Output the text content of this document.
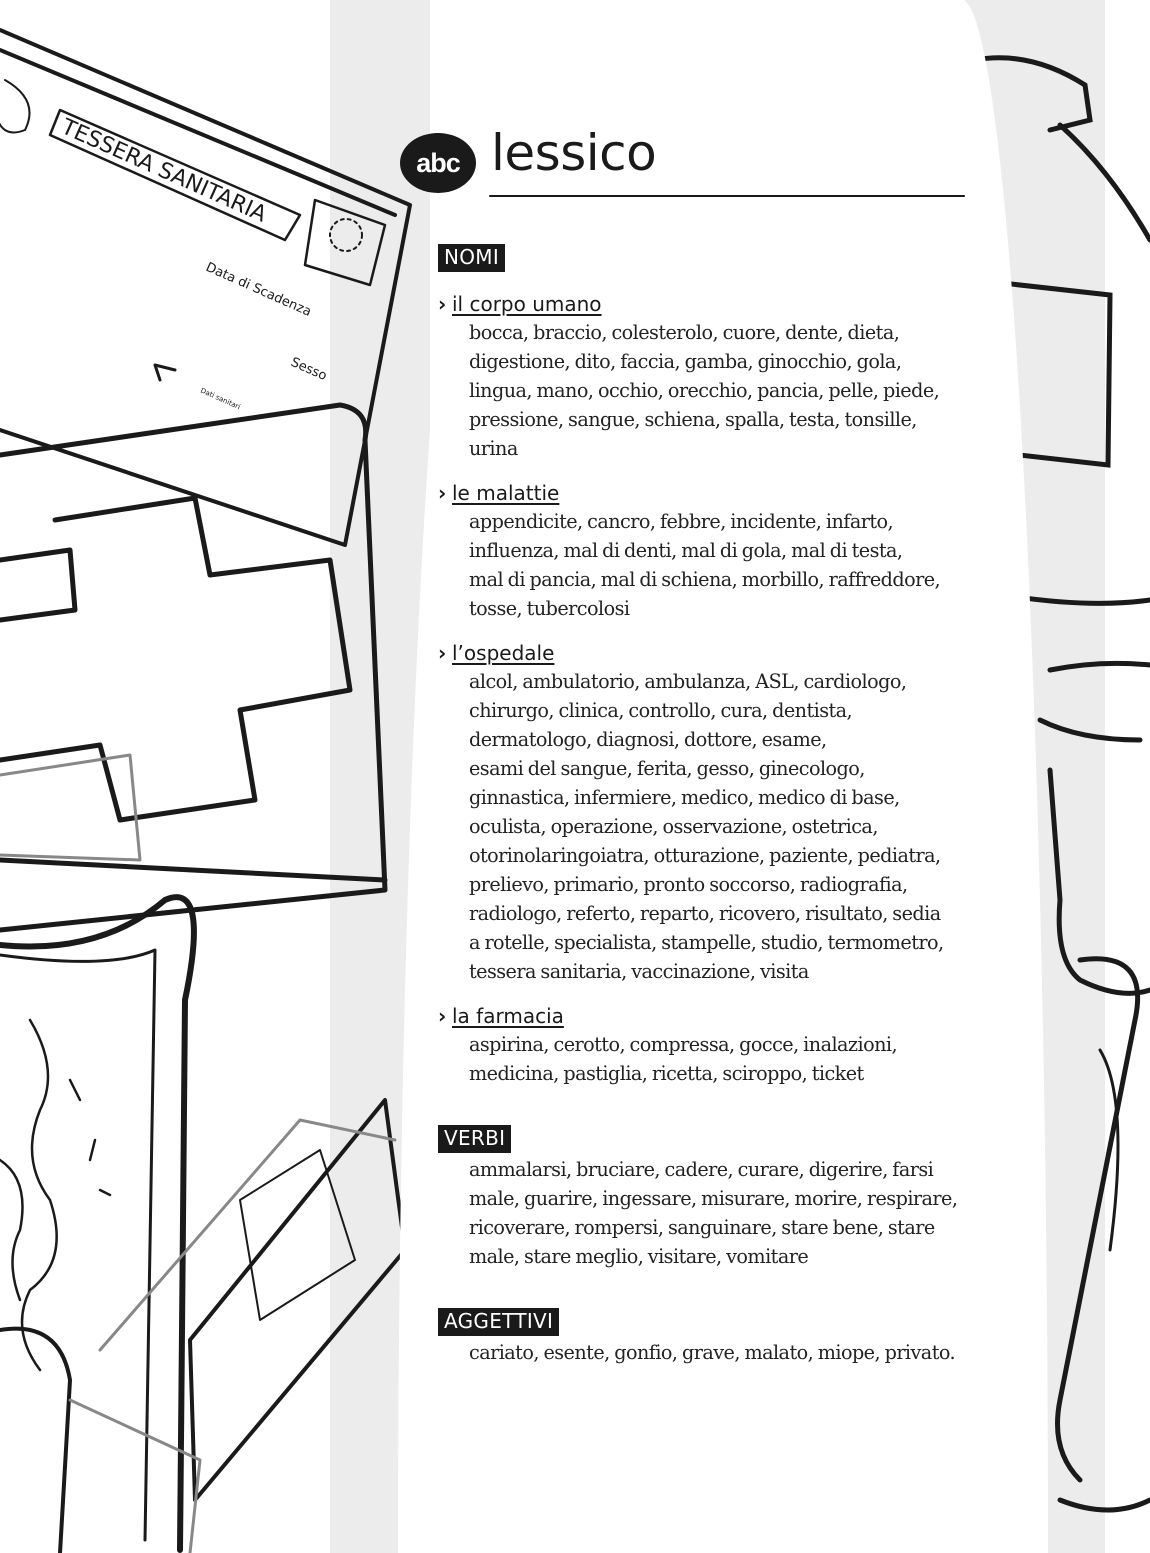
TESSERA SANITARIA
Data di Scadenza
Sesso
Dati sanitari
abc lessico
NOMI
› il corpo umano
bocca, braccio, colesterolo, cuore, dente, dieta,
digestione, dito, faccia, gamba, ginocchio, gola,
lingua, mano, occhio, orecchio, pancia, pelle, piede,
pressione, sangue, schiena, spalla, testa, tonsille,
urina
› le malattie
appendicite, cancro, febbre, incidente, infarto,
influenza, mal di denti, mal di gola, mal di testa,
mal di pancia, mal di schiena, morbillo, raffreddore,
tosse, tubercolosi
› l’ospedale
alcol, ambulatorio, ambulanza, ASL, cardiologo,
chirurgo, clinica, controllo, cura, dentista,
dermatologo, diagnosi, dottore, esame,
esami del sangue, ferita, gesso, ginecologo,
ginnastica, infermiere, medico, medico di base,
oculista, operazione, osservazione, ostetrica,
otorinolaringoiatra, otturazione, paziente, pediatra,
prelievo, primario, pronto soccorso, radiografia,
radiologo, referto, reparto, ricovero, risultato, sedia
a rotelle, specialista, stampelle, studio, termometro,
tessera sanitaria, vaccinazione, visita
› la farmacia
aspirina, cerotto, compressa, gocce, inalazioni,
medicina, pastiglia, ricetta, sciroppo, ticket
VERBI
ammalarsi, bruciare, cadere, curare, digerire, farsi
male, guarire, ingessare, misurare, morire, respirare,
ricoverare, rompersi, sanguinare, stare bene, stare
male, stare meglio, visitare, vomitare
AGGETTIVI
cariato, esente, gonfio, grave, malato, miope, privato.
